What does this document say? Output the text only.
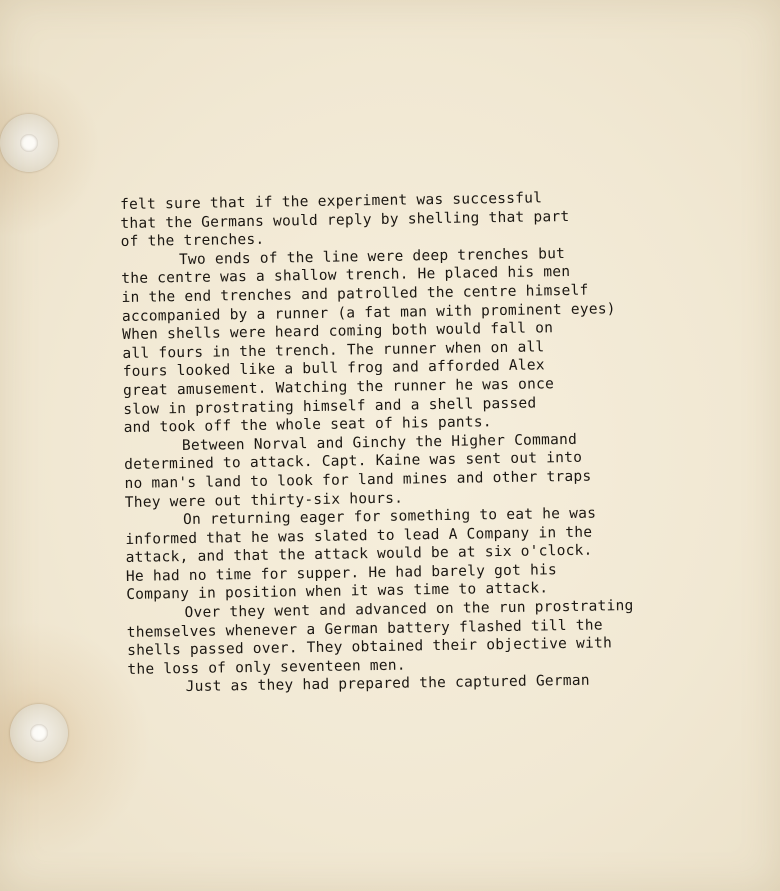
felt sure that if the experiment was successful
that the Germans would reply by shelling that part
of the trenches.
Two ends of the line were deep trenches but
the centre was a shallow trench. He placed his men
in the end trenches and patrolled the centre himself
accompanied by a runner (a fat man with prominent eyes)
When shells were heard coming both would fall on
all fours in the trench. The runner when on all
fours looked like a bull frog and afforded Alex
great amusement. Watching the runner he was once
slow in prostrating himself and a shell passed
and took off the whole seat of his pants.
Between Norval and Ginchy the Higher Command
determined to attack. Capt. Kaine was sent out into
no man's land to look for land mines and other traps
They were out thirty-six hours.
On returning eager for something to eat he was
informed that he was slated to lead A Company in the
attack, and that the attack would be at six o'clock.
He had no time for supper. He had barely got his
Company in position when it was time to attack.
Over they went and advanced on the run prostrating
themselves whenever a German battery flashed till the
shells passed over. They obtained their objective with
the loss of only seventeen men.
Just as they had prepared the captured German
